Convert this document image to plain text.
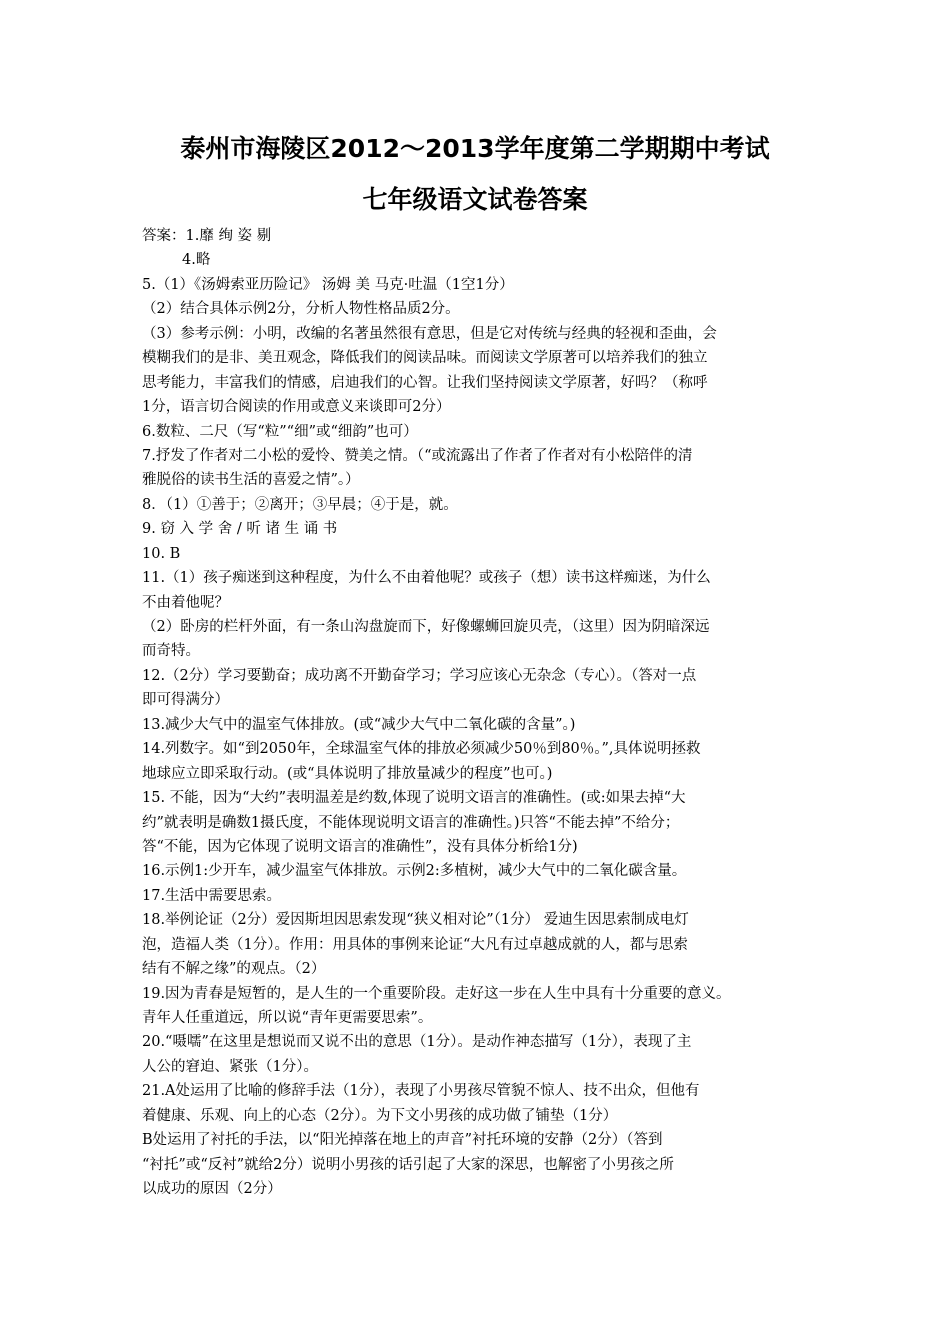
泰州市海陵区2012～2013学年度第二学期期中考试
七年级语文试卷答案
答案：1.靡 绚 姿 剔
4.略
5.（1）《汤姆索亚历险记》 汤姆 美 马克·吐温（1空1分）
（2）结合具体示例2分，分析人物性格品质2分。
（3）参考示例：小明，改编的名著虽然很有意思，但是它对传统与经典的轻视和歪曲，会
模糊我们的是非、美丑观念，降低我们的阅读品味。而阅读文学原著可以培养我们的独立
思考能力，丰富我们的情感，启迪我们的心智。让我们坚持阅读文学原著，好吗？（称呼
1分，语言切合阅读的作用或意义来谈即可2分）
6.数粒、二尺（写“粒”“细”或“细韵”也可）
7.抒发了作者对二小松的爱怜、赞美之情。（“或流露出了作者了作者对有小松陪伴的清
雅脱俗的读书生活的喜爱之情”。）
8．（1）①善于；②离开；③早晨；④于是，就。
9. 窃 入 学 舍 / 听 诸 生 诵 书
10. B
11.（1）孩子痴迷到这种程度，为什么不由着他呢？或孩子（想）读书这样痴迷，为什么
不由着他呢？
（2）卧房的栏杆外面，有一条山沟盘旋而下，好像螺蛳回旋贝壳，（这里）因为阴暗深远
而奇特。
12.（2分）学习要勤奋；成功离不开勤奋学习；学习应该心无杂念（专心）。（答对一点
即可得满分）
13.减少大气中的温室气体排放。(或“减少大气中二氧化碳的含量”。)
14.列数字。如“到2050年，全球温室气体的排放必须减少50％到80％。”,具体说明拯救
地球应立即采取行动。(或“具体说明了排放量减少的程度”也可。)
15. 不能，因为“大约”表明温差是约数,体现了说明文语言的准确性。(或:如果去掉“大
约”就表明是确数1摄氏度，不能体现说明文语言的准确性。)只答“不能去掉”不给分；
答“不能，因为它体现了说明文语言的准确性”，没有具体分析给1分)
16.示例1:少开车，减少温室气体排放。示例2:多植树，减少大气中的二氧化碳含量。
17.生活中需要思索。
18.举例论证（2分）爱因斯坦因思索发现“狭义相对论”（1分） 爱迪生因思索制成电灯
泡，造福人类（1分）。作用：用具体的事例来论证“大凡有过卓越成就的人，都与思索
结有不解之缘”的观点。（2）
19.因为青春是短暂的，是人生的一个重要阶段。走好这一步在人生中具有十分重要的意义。
青年人任重道远，所以说“青年更需要思索”。
20.“嗫嚅”在这里是想说而又说不出的意思（1分）。是动作神态描写（1分），表现了主
人公的窘迫、紧张（1分）。
21.A处运用了比喻的修辞手法（1分），表现了小男孩尽管貌不惊人、技不出众，但他有
着健康、乐观、向上的心态（2分）。为下文小男孩的成功做了铺垫（1分）
B处运用了衬托的手法，以“阳光掉落在地上的声音”衬托环境的安静（2分）（答到
“衬托”或“反衬”就给2分）说明小男孩的话引起了大家的深思，也解密了小男孩之所
以成功的原因（2分）
